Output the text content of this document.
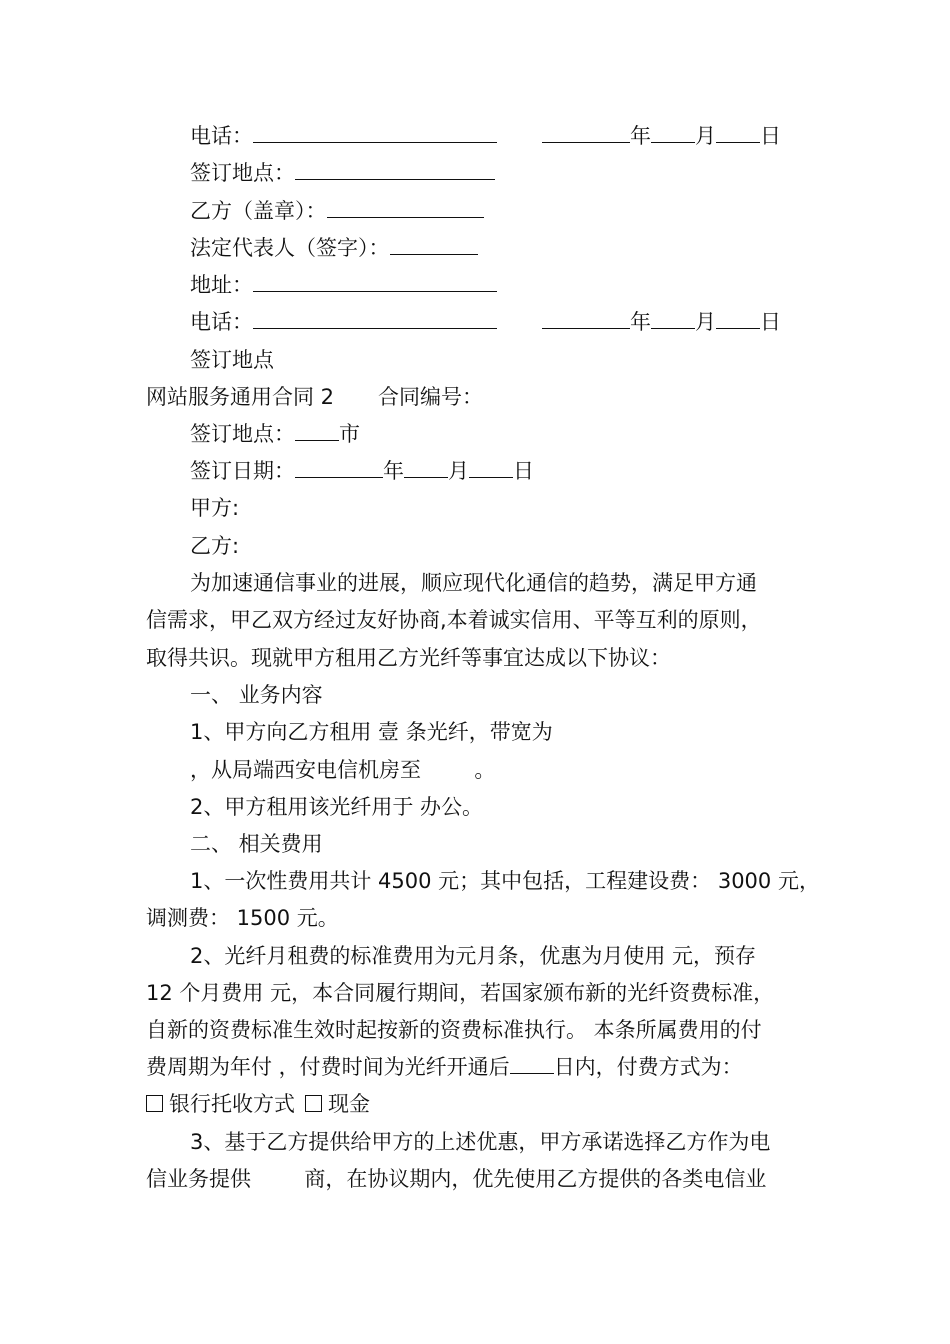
电话：	年 月 日
签订地点：
乙方（盖章）：
法定代表人（签字）：
地址：
电话：	年 月 日
签订地点
网站服务通用合同 2 合同编号：
签订地点： 市
签订日期：	年 月 日
甲方:
乙方:
为加速通信事业的进展，顺应现代化通信的趋势，满足甲方通
信需求，甲乙双方经过友好协商,本着诚实信用、平等互利的原则，
取得共识。现就甲方租用乙方光纤等事宜达成以下协议：
一、 业务内容
1、甲方向乙方租用 壹 条光纤，带宽为
，从局端西安电信机房至        。
2、甲方租用该光纤用于 办公。
二、 相关费用
1、一次性费用共计 4500 元；其中包括，工程建设费： 3000 元，
调测费： 1500 元。
2、光纤月租费的标准费用为元月条，优惠为月使用 元，预存
12 个月费用 元，本合同履行期间，若国家颁布新的光纤资费标准，
自新的资费标准生效时起按新的资费标准执行。 本条所属费用的付
费周期为年付 ，付费时间为光纤开通后 日内，付费方式为：
银行托收方式 现金
3、基于乙方提供给甲方的上述优惠，甲方承诺选择乙方作为电
信业务提供        商，在协议期内，优先使用乙方提供的各类电信业
